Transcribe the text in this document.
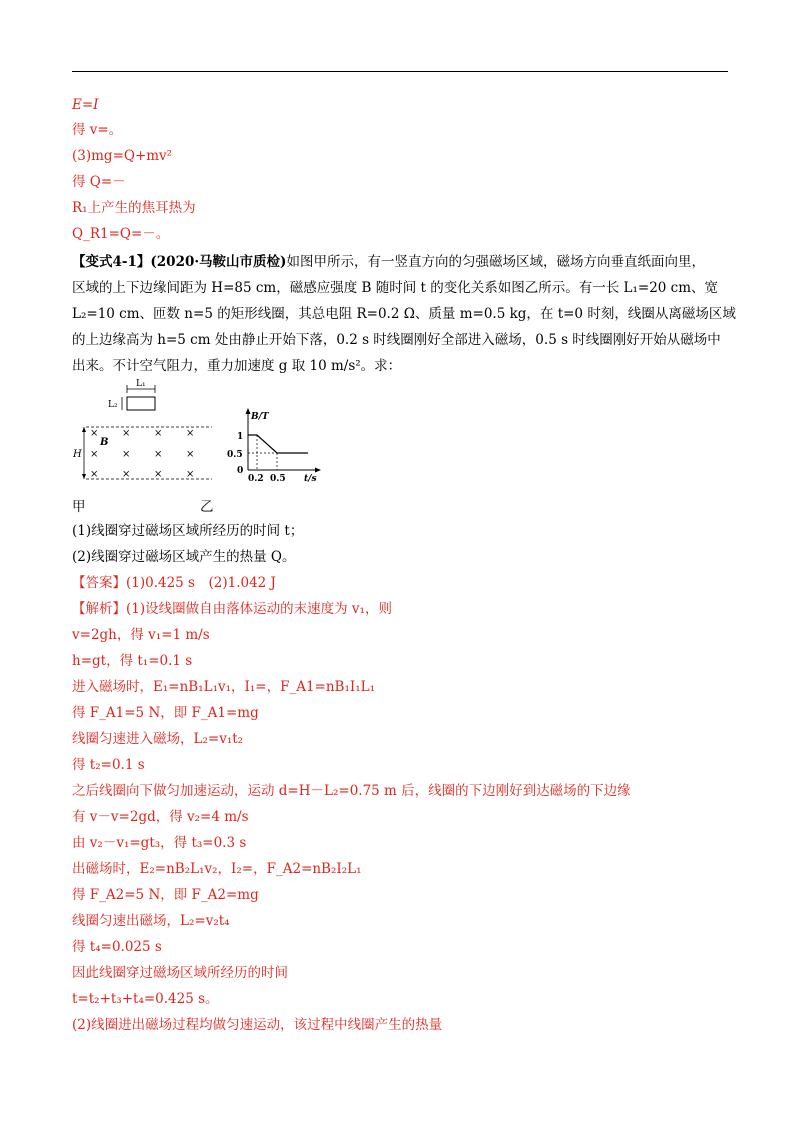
E=I
得 v=。
(3)mg=Q+mv²
得 Q=－
R₁上产生的焦耳热为
Q_R1=Q=－。
【变式4-1】(2020·马鞍山市质检)如图甲所示，有一竖直方向的匀强磁场区域，磁场方向垂直纸面向里，
区域的上下边缘间距为 H=85 cm，磁感应强度 B 随时间 t 的变化关系如图乙所示。有一长 L₁=20 cm、宽
L₂=10 cm、匝数 n=5 的矩形线圈，其总电阻 R=0.2 Ω、质量 m=0.5 kg，在 t=0 时刻，线圈从离磁场区域
的上边缘高为 h=5 cm 处由静止开始下落，0.2 s 时线圈刚好全部进入磁场，0.5 s 时线圈刚好开始从磁场中
出来。不计空气阻力，重力加速度 g 取 10 m/s²。求：
L₁
L₂
H
B
× × × ×
× × × ×
× × × ×
B/T
t/s
0
1
0.5
0.2 0.5
甲	乙
(1)线圈穿过磁场区域所经历的时间 t；
(2)线圈穿过磁场区域产生的热量 Q。
【答案】(1)0.425 s　(2)1.042 J
【解析】(1)设线圈做自由落体运动的末速度为 v₁，则
v=2gh，得 v₁=1 m/s
h=gt，得 t₁=0.1 s
进入磁场时，E₁=nB₁L₁v₁，I₁=，F_A1=nB₁I₁L₁
得 F_A1=5 N，即 F_A1=mg
线圈匀速进入磁场，L₂=v₁t₂
得 t₂=0.1 s
之后线圈向下做匀加速运动，运动 d=H－L₂=0.75 m 后，线圈的下边刚好到达磁场的下边缘
有 v－v=2gd，得 v₂=4 m/s
由 v₂－v₁=gt₃，得 t₃=0.3 s
出磁场时，E₂=nB₂L₁v₂，I₂=，F_A2=nB₂I₂L₁
得 F_A2=5 N，即 F_A2=mg
线圈匀速出磁场，L₂=v₂t₄
得 t₄=0.025 s
因此线圈穿过磁场区域所经历的时间
t=t₂+t₃+t₄=0.425 s。
(2)线圈进出磁场过程均做匀速运动，该过程中线圈产生的热量
